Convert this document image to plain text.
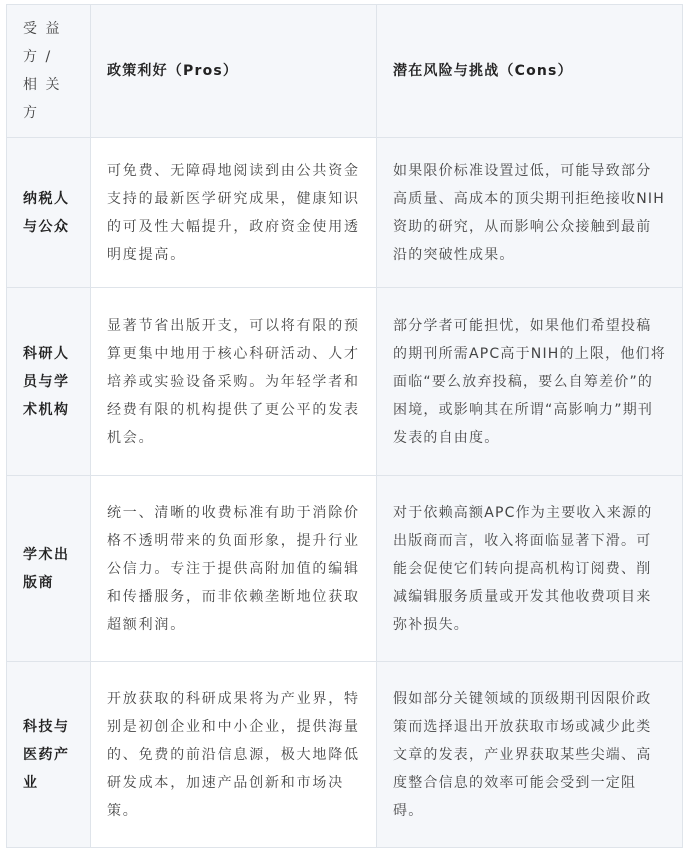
受 益 方 / 相 关方	政策利好（Pros）	潜在风险与挑战（Cons）
纳税人与公众	可免费、无障碍地阅读到由公共资金支持的最新医学研究成果，健康知识的可及性大幅提升，政府资金使用透明度提高。	如果限价标准设置过低，可能导致部分高质量、高成本的顶尖期刊拒绝接收NIH资助的研究，从而影响公众接触到最前沿的突破性成果。
科研人员与学术机构	显著节省出版开支，可以将有限的预算更集中地用于核心科研活动、人才培养或实验设备采购。为年轻学者和经费有限的机构提供了更公平的发表机会。	部分学者可能担忧，如果他们希望投稿的期刊所需APC高于NIH的上限，他们将面临“要么放弃投稿，要么自筹差价”的困境，或影响其在所谓“高影响力”期刊发表的自由度。
学术出版商	统一、清晰的收费标准有助于消除价格不透明带来的负面形象，提升行业公信力。专注于提供高附加值的编辑和传播服务，而非依赖垄断地位获取超额利润。	对于依赖高额APC作为主要收入来源的出版商而言，收入将面临显著下滑。可能会促使它们转向提高机构订阅费、削减编辑服务质量或开发其他收费项目来弥补损失。
科技与医药产业	开放获取的科研成果将为产业界，特别是初创企业和中小企业，提供海量的、免费的前沿信息源，极大地降低研发成本，加速产品创新和市场决策。	假如部分关键领域的顶级期刊因限价政策而选择退出开放获取市场或减少此类文章的发表，产业界获取某些尖端、高度整合信息的效率可能会受到一定阻碍。
